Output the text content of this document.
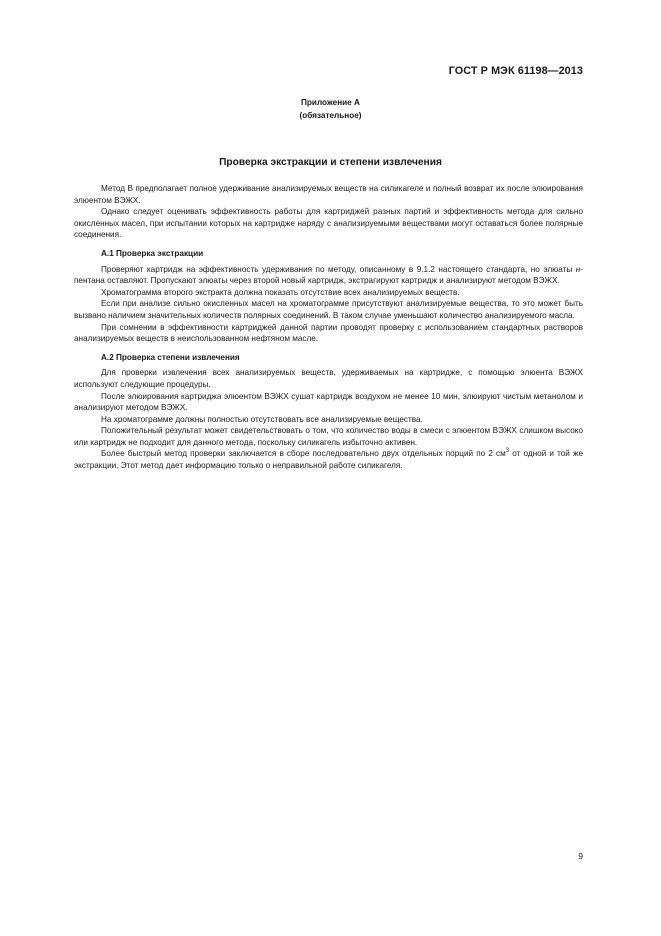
ГОСТ Р МЭК 61198—2013
Приложение А
(обязательное)
Проверка экстракции и степени извлечения

Метод В предполагает полное удерживание анализируемых веществ на силикагеле и полный возврат их после элюирования элюентом ВЭЖХ.

Однако следует оценивать эффективность работы для картриджей разных партий и эффективность метода для сильно окисленных масел, при испытании которых на картридже наряду с анализируемыми веществами могут оставаться более полярные соединения.

А.1 Проверка экстракции

Проверяют картридж на эффективность удерживания по методу, описанному в 9.1.2 настоящего стандарта, но элюаты н-пентана оставляют. Пропускают элюаты через второй новый картридж, экстрагируют картридж и анализируют методом ВЭЖХ.

Хроматограмма второго экстракта должна показать отсутствие всех анализируемых веществ.

Если при анализе сильно окисленных масел на хроматограмме присутствуют анализируемые вещества, то это может быть вызвано наличием значительных количеств полярных соединений. В таком случае уменьшают количество анализируемого масла.

При сомнении в эффективности картриджей данной партии проводят проверку с использованием стандартных растворов анализируемых веществ в неиспользованном нефтяном масле.

А.2 Проверка степени извлечения

Для проверки извлечения всех анализируемых веществ, удерживаемых на картридже, с помощью элюента ВЭЖХ используют следующие процедуры.

После элюирования картриджа элюентом ВЭЖХ сушат картридж воздухом не менее 10 мин, элюируют чистым метанолом и анализируют методом ВЭЖХ.

На хроматограмме должны полностью отсутствовать все анализируемые вещества.

Положительный результат может свидетельствовать о том, что количество воды в смеси с элюентом ВЭЖХ слишком высоко или картридж не подходит для данного метода, поскольку силикагель избыточно активен.

Более быстрый метод проверки заключается в сборе последовательно двух отдельных порций по 2 $см^3$ от одной и той же экстракции. Этот метод дает информацию только о неправильной работе силикагеля.

9
